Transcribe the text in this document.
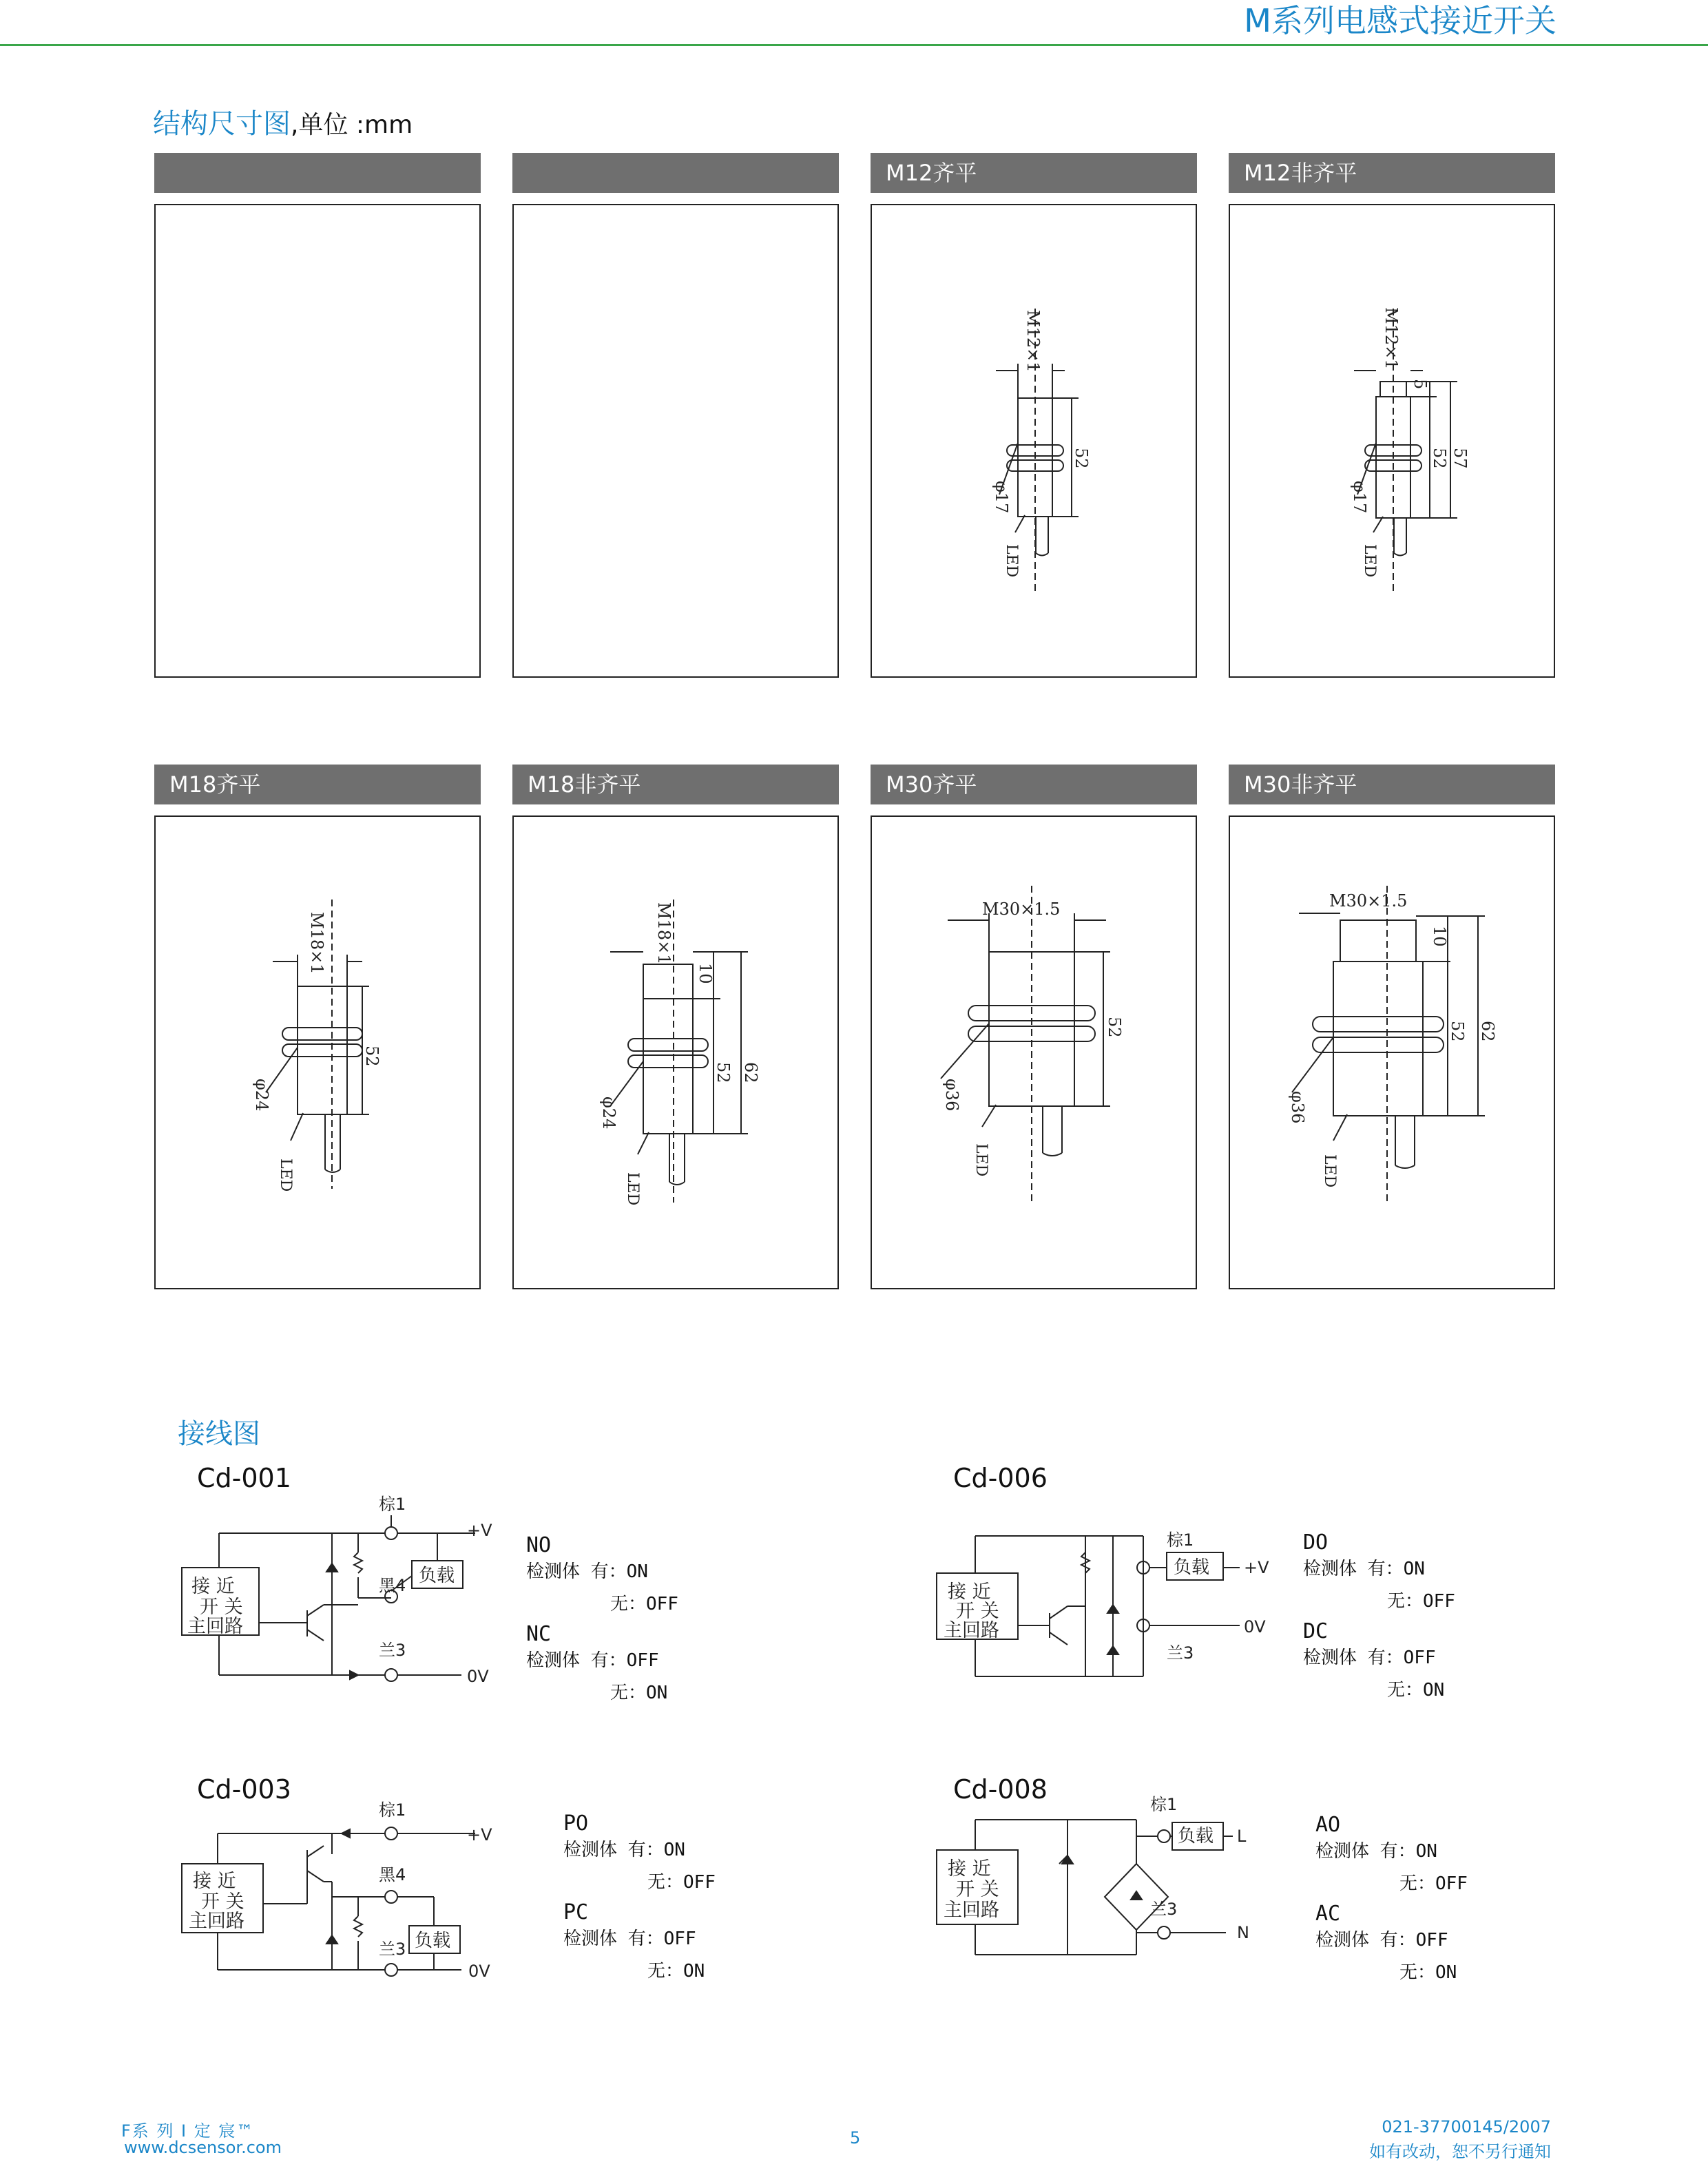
M系列电感式接近开关
结构尺寸图,单位 :mm
M12齐平	M12非齐平
M12×1
52
φ17
LED
M12×1
5
52 57
φ17
LED
M18齐平	M18非齐平	M30齐平	M30非齐平
M18×1
52
φ24
LED
M18×1
10
52 62
φ24
LED
M30×1.5
52
φ36
LED
M30×1.5
10
52 62
φ36
LED
接线图
Cd-001
棕1
+V
黑4 负载
兰3
0V
接 近
开 关
主回路
NO
检测体 有：ON
无：OFF
NC
检测体 有：OFF
无：ON
Cd-006
棕1
负载 +V
0V
兰3
接 近
开 关
主回路
DO
检测体 有：ON
无：OFF
DC
检测体 有：OFF
无：ON
Cd-003
棕1
+V
黑4
兰3 负载
0V
接 近
开 关
主回路
PO
检测体 有：ON
无：OFF
PC
检测体 有：OFF
无：ON
Cd-008	棕1
负载 L
兰3
N
接 近
开 关
主回路
AO
检测体 有：ON
无：OFF
AC
检测体 有：OFF
无：ON
F系 列 I 定 宸™
www.dcsensor.com	5
021-37700145/2007
如有改动，恕不另行通知
